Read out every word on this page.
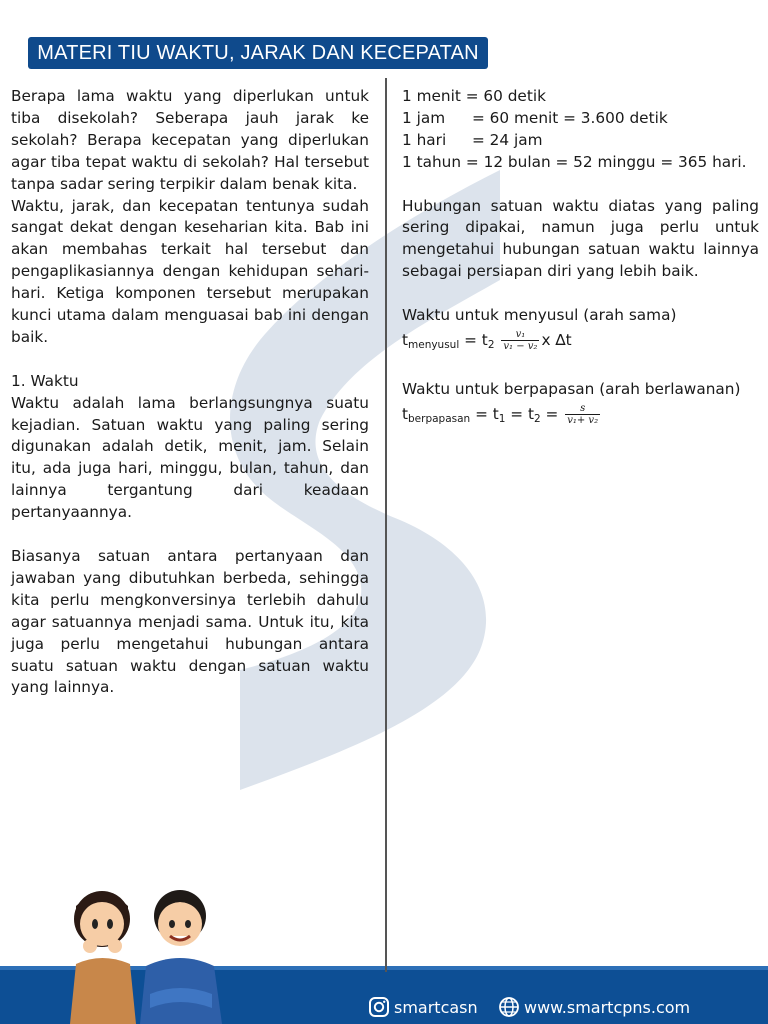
MATERI TIU WAKTU, JARAK DAN KECEPATAN

Berapa lama waktu yang diperlukan untuk tiba disekolah? Seberapa jauh jarak ke sekolah? Berapa kecepatan yang diperlukan agar tiba tepat waktu di sekolah? Hal tersebut tanpa sadar sering terpikir dalam benak kita.

Waktu, jarak, dan kecepatan tentunya sudah sangat dekat dengan keseharian kita. Bab ini akan membahas terkait hal tersebut dan pengaplikasiannya dengan kehidupan sehari-hari. Ketiga komponen tersebut merupakan kunci utama dalam menguasai bab ini dengan baik.

1. Waktu

Waktu adalah lama berlangsungnya suatu kejadian. Satuan waktu yang paling sering digunakan adalah detik, menit, jam. Selain itu, ada juga hari, minggu, bulan, tahun, dan lainnya tergantung dari keadaan pertanyaannya.

Biasanya satuan antara pertanyaan dan jawaban yang dibutuhkan berbeda, sehingga kita perlu mengkonversinya terlebih dahulu agar satuannya menjadi sama. Untuk itu, kita juga perlu mengetahui hubungan antara suatu satuan waktu dengan satuan waktu yang lainnya.

1 menit = 60 detik
1 jam	= 60 menit = 3.600 detik
1 hari	= 24 jam
1 tahun = 12 bulan = 52 minggu = 365 hari.

Hubungan satuan waktu diatas yang paling sering dipakai, namun juga perlu untuk mengetahui hubungan satuan waktu lainnya sebagai persiapan diri yang lebih baik.

Waktu untuk menyusul (arah sama)
$t_{menyusul} = t_2 \frac{\text{v₁}}{\text{v₁ − v₂}}$ x ∆t

Waktu untuk berpapasan (arah berlawanan)

$t_{berpapasan} = t_1 = t_2 = \frac{s}{\text{v₁+ v₂}}$
smartcasn	www.smartcpns.com
